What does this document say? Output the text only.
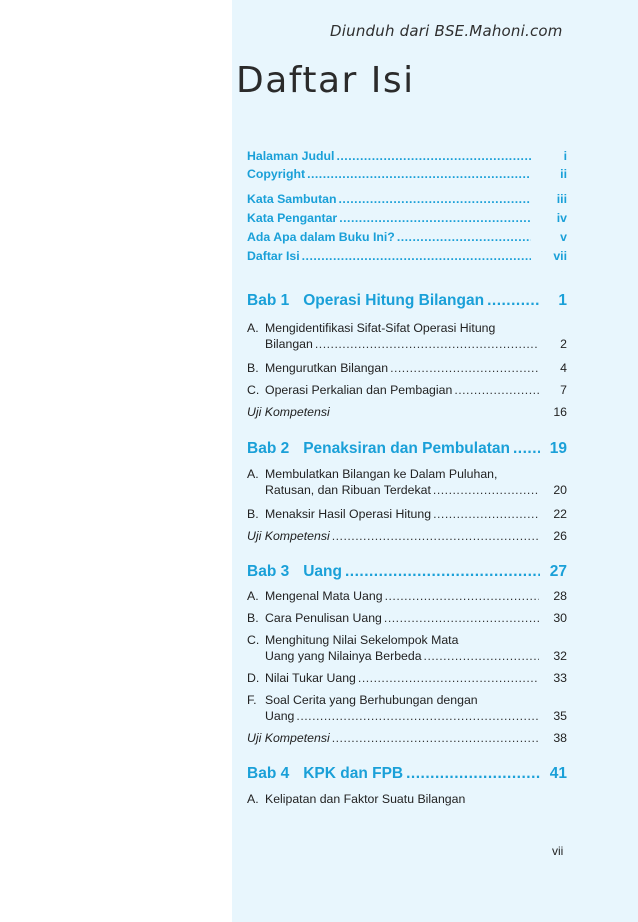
Diunduh dari BSE.Mahoni.com
Daftar Isi
Halaman Judul .....	i
Copyright .....	ii
Kata Sambutan .....	iii
Kata Pengantar .....	iv
Ada Apa dalam Buku Ini? .....	v
Daftar Isi .....	vii
Bab 1 Operasi Hitung Bilangan .....	1
A. Mengidentifikasi Sifat-Sifat Operasi Hitung
Bilangan .....	2
B. Mengurutkan Bilangan .....	4
C. Operasi Perkalian dan Pembagian .....	7
Uji Kompetensi	16
Bab 2 Penaksiran dan Pembulatan .....	19
A. Membulatkan Bilangan ke Dalam Puluhan,
Ratusan, dan Ribuan Terdekat .....	20
B. Menaksir Hasil Operasi Hitung .....	22
Uji Kompetensi .....	26
Bab 3 Uang .....	27
A. Mengenal Mata Uang .....	28
B. Cara Penulisan Uang .....	30
C. Menghitung Nilai Sekelompok Mata
Uang yang Nilainya Berbeda .....	32
D. Nilai Tukar Uang .....	33
F. Soal Cerita yang Berhubungan dengan
Uang .....	35
Uji Kompetensi .....	38
Bab 4 KPK dan FPB .....	41
A. Kelipatan dan Faktor Suatu Bilangan
vii
